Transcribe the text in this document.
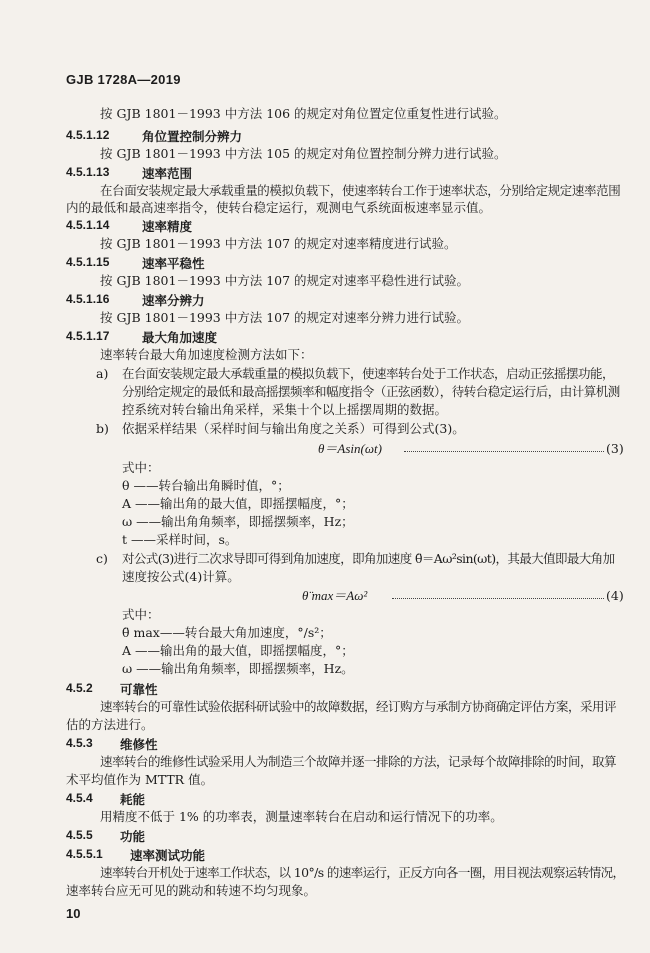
GJB 1728A—2019
按 GJB 1801－1993 中方法 106 的规定对角位置定位重复性进行试验。
4.5.1.12	角位置控制分辨力
按 GJB 1801－1993 中方法 105 的规定对角位置控制分辨力进行试验。
4.5.1.13	速率范围
在台面安装规定最大承载重量的模拟负载下，使速率转台工作于速率状态，分别给定规定速率范围
内的最低和最高速率指令，使转台稳定运行，观测电气系统面板速率显示值。
4.5.1.14	速率精度
按 GJB 1801－1993 中方法 107 的规定对速率精度进行试验。
4.5.1.15	速率平稳性
按 GJB 1801－1993 中方法 107 的规定对速率平稳性进行试验。
4.5.1.16	速率分辨力
按 GJB 1801－1993 中方法 107 的规定对速率分辨力进行试验。
4.5.1.17	最大角加速度
速率转台最大角加速度检测方法如下：
a) 在台面安装规定最大承载重量的模拟负载下，使速率转台处于工作状态，启动正弦摇摆功能，
分别给定规定的最低和最高摇摆频率和幅度指令（正弦函数），待转台稳定运行后，由计算机测
控系统对转台输出角采样，采集十个以上摇摆周期的数据。
b) 依据采样结果（采样时间与输出角度之关系）可得到公式(3)。
θ＝Asin(ωt)	(3)
式中：
θ ——转台输出角瞬时值，°；
A ——输出角的最大值，即摇摆幅度，°；
ω ——输出角角频率，即摇摆频率，Hz；
t ——采样时间，s。
c) 对公式(3)进行二次求导即可得到角加速度，即角加速度 θ̈＝Aω²sin(ωt)，其最大值即最大角加
速度按公式(4)计算。
θ̈ max＝Aω²	(4)
式中：
θ̈ max——转台最大角加速度，°/s²；
A ——输出角的最大值，即摇摆幅度，°；
ω ——输出角角频率，即摇摆频率，Hz。
4.5.2 可靠性
速率转台的可靠性试验依据科研试验中的故障数据，经订购方与承制方协商确定评估方案，采用评
估的方法进行。
4.5.3 维修性
速率转台的维修性试验采用人为制造三个故障并逐一排除的方法，记录每个故障排除的时间，取算
术平均值作为 MTTR 值。
4.5.4 耗能
用精度不低于 1% 的功率表，测量速率转台在启动和运行情况下的功率。
4.5.5 功能
4.5.5.1 速率测试功能
速率转台开机处于速率工作状态，以 10°/s 的速率运行，正反方向各一圈，用目视法观察运转情况，
速率转台应无可见的跳动和转速不均匀现象。
10
